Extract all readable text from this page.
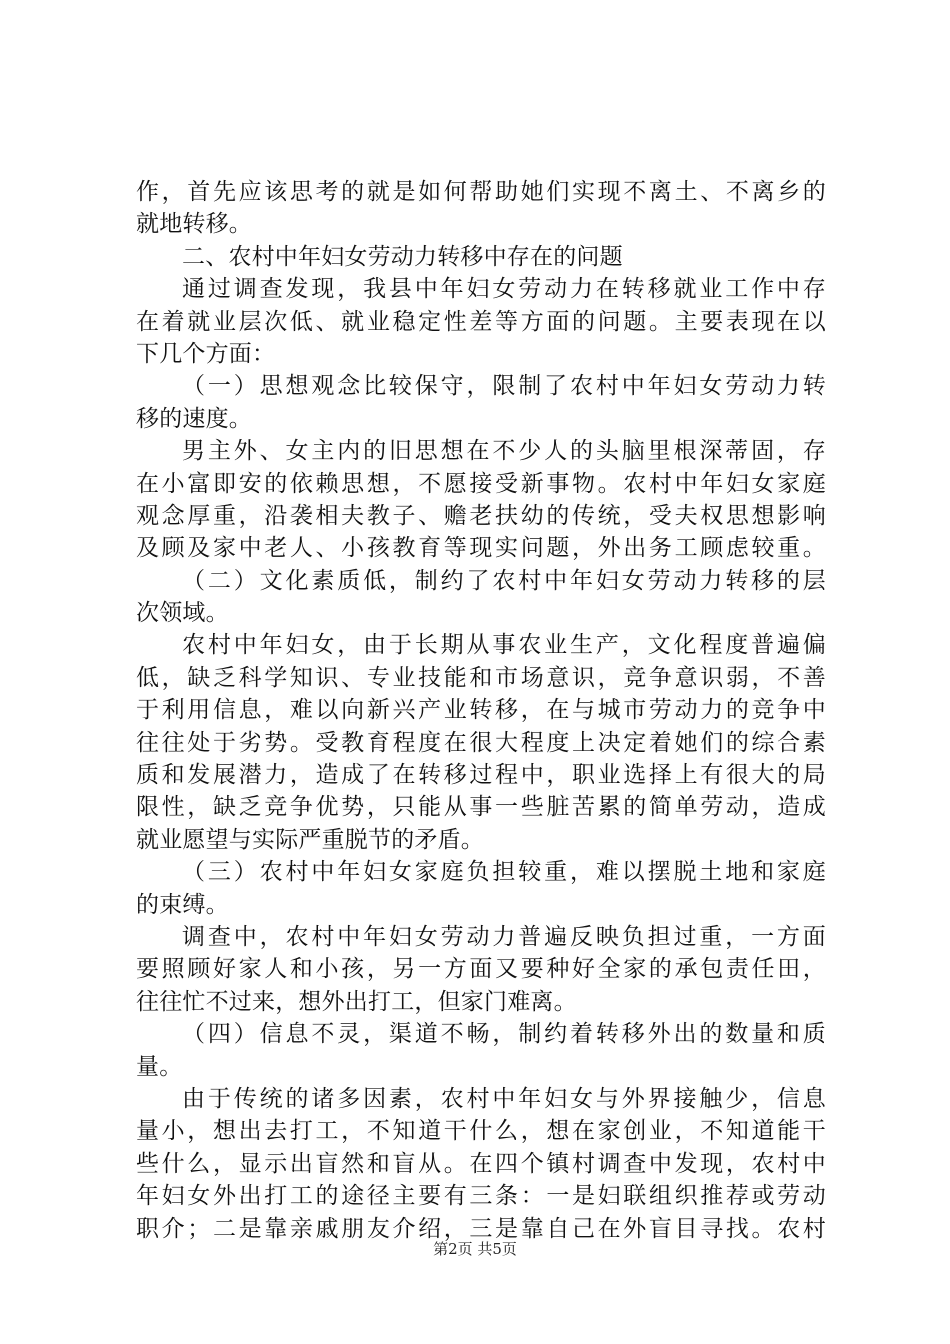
作，首先应该思考的就是如何帮助她们实现不离土、不离乡的
就地转移。
二、农村中年妇女劳动力转移中存在的问题
通过调查发现，我县中年妇女劳动力在转移就业工作中存
在着就业层次低、就业稳定性差等方面的问题。主要表现在以
下几个方面：
（一）思想观念比较保守，限制了农村中年妇女劳动力转
移的速度。
男主外、女主内的旧思想在不少人的头脑里根深蒂固，存
在小富即安的依赖思想，不愿接受新事物。农村中年妇女家庭
观念厚重，沿袭相夫教子、赡老扶幼的传统，受夫权思想影响
及顾及家中老人、小孩教育等现实问题，外出务工顾虑较重。
（二）文化素质低，制约了农村中年妇女劳动力转移的层
次领域。
农村中年妇女，由于长期从事农业生产，文化程度普遍偏
低，缺乏科学知识、专业技能和市场意识，竞争意识弱，不善
于利用信息，难以向新兴产业转移，在与城市劳动力的竞争中
往往处于劣势。受教育程度在很大程度上决定着她们的综合素
质和发展潜力，造成了在转移过程中，职业选择上有很大的局
限性，缺乏竞争优势，只能从事一些脏苦累的简单劳动，造成
就业愿望与实际严重脱节的矛盾。
（三）农村中年妇女家庭负担较重，难以摆脱土地和家庭
的束缚。
调查中，农村中年妇女劳动力普遍反映负担过重，一方面
要照顾好家人和小孩，另一方面又要种好全家的承包责任田，
往往忙不过来，想外出打工，但家门难离。
（四）信息不灵，渠道不畅，制约着转移外出的数量和质
量。
由于传统的诸多因素，农村中年妇女与外界接触少，信息
量小，想出去打工，不知道干什么，想在家创业，不知道能干
些什么，显示出盲然和盲从。在四个镇村调查中发现，农村中
年妇女外出打工的途径主要有三条：一是妇联组织推荐或劳动
职介；二是靠亲戚朋友介绍，三是靠自己在外盲目寻找。农村
第2页 共5页
